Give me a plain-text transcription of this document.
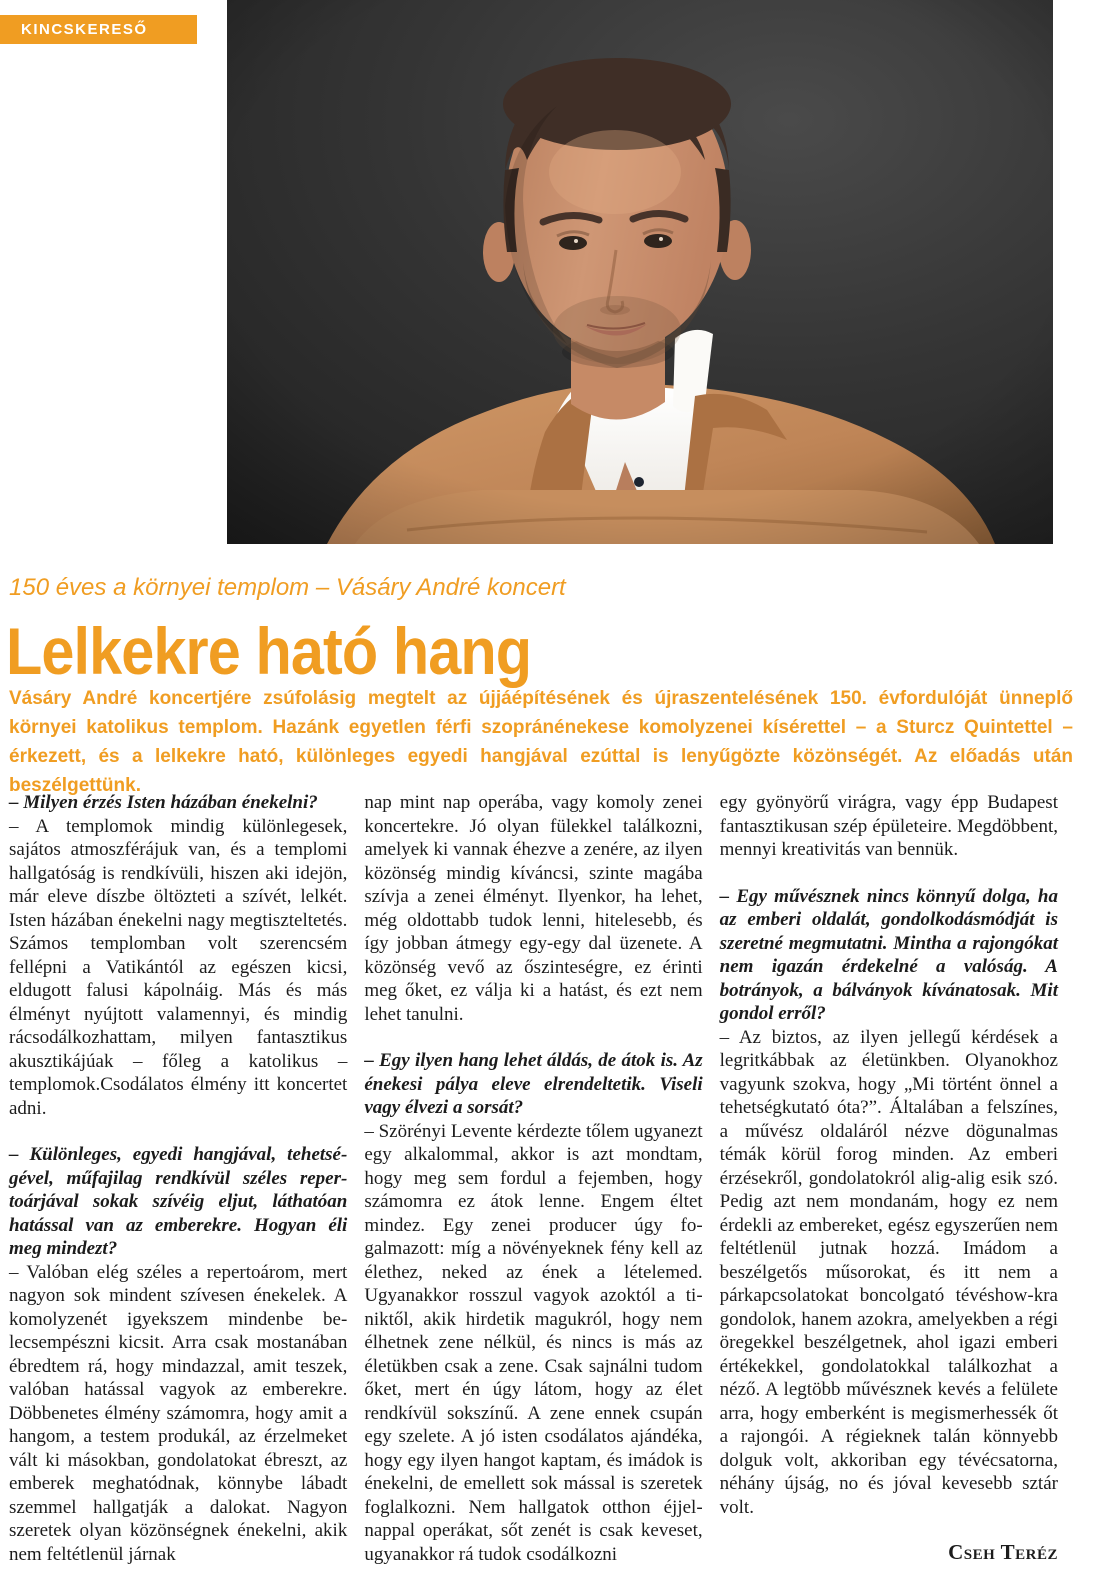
KINCSKERESŐ
150 éves a környei templom – Vásáry André koncert
Lelkekre ható hang

Vásáry André koncertjére zsúfolásig megtelt az újjáépítésének és újraszentelésének 150. évfordulóját ünneplő környei katolikus templom. Hazánk egyetlen férfi szopránénekese komolyzenei kísérettel – a Sturcz Quintettel – érkezett, és a lelkekre ható, különleges egyedi hangjával ezúttal is lenyűgözte közönségét. Az előadás után beszélgettünk.

– Milyen érzés Isten házában énekelni?

– A templomok mindig különlegesek, sajátos atmoszférájuk van, és a templomi hallgatóság is rendkívüli, hiszen aki idejön, már eleve díszbe öltözteti a szívét, lelkét. Isten házában énekelni nagy megtiszteltetés. Számos templomban volt szerencsém fellépni a Vatikántól az egészen kicsi, eldugott falusi kápolnáig. Más és más élményt nyújtott valamennyi, és mindig rácsodálkozhattam, milyen fantasztikus akusztikájúak – főleg a katolikus – templomok.Csodálatos élmény itt koncertet adni.

– Különleges, egyedi hangjával, tehetségével, műfajilag rendkívül széles repertoárjával sokak szívéig eljut, láthatóan hatással van az emberekre. Hogyan éli meg mindezt?

– Valóban elég széles a repertoárom, mert nagyon sok mindent szívesen énekelek. A komolyzenét igyekszem mindenbe belecsempészni kicsit. Arra csak mostanában ébredtem rá, hogy mindazzal, amit teszek, valóban hatással vagyok az emberekre. Döbbenetes élmény számomra, hogy amit a hangom, a testem produkál, az érzelmeket vált ki másokban, gondolatokat ébreszt, az emberek meghatódnak, könnybe lábadt szemmel hallgatják a dalokat. Nagyon szeretek olyan közönségnek énekelni, akik nem feltétlenül járnak

nap mint nap operába, vagy komoly zenei koncertekre. Jó olyan fülekkel találkozni, amelyek ki vannak éhezve a zenére, az ilyen közönség mindig kíváncsi, szinte magába szívja a zenei élményt. Ilyenkor, ha lehet, még oldottabb tudok lenni, hitelesebb, és így jobban átmegy egy-egy dal üzenete. A közönség vevő az őszinteségre, ez érinti meg őket, ez válja ki a hatást, és ezt nem lehet tanulni.

– Egy ilyen hang lehet áldás, de átok is. Az énekesi pálya eleve elrendeltetik. Viseli vagy élvezi a sorsát?

– Szörényi Levente kérdezte tőlem ugyanezt egy alkalommal, akkor is azt mondtam, hogy meg sem fordul a fejemben, hogy számomra ez átok lenne. Engem éltet mindez. Egy zenei producer úgy fogalmazott: míg a növényeknek fény kell az élethez, neked az ének a lételemed. Ugyanakkor rosszul vagyok azoktól a tiniktől, akik hirdetik magukról, hogy nem élhetnek zene nélkül, és nincs is más az életükben csak a zene. Csak sajnálni tudom őket, mert én úgy látom, hogy az élet rendkívül sokszínű. A zene ennek csupán egy szelete. A jó isten csodálatos ajándéka, hogy egy ilyen hangot kaptam, és imádok is énekelni, de emellett sok mással is szeretek foglalkozni. Nem hallgatok otthon éjjel-nappal operákat, sőt zenét is csak keveset, ugyanakkor rá tudok csodálkozni

egy gyönyörű virágra, vagy épp Budapest fantasztikusan szép épületeire. Megdöbbent, mennyi kreativitás van bennük.

– Egy művésznek nincs könnyű dolga, ha az emberi oldalát, gondolkodásmódját is szeretné megmutatni. Mintha a rajongókat nem igazán érdekelné a valóság. A botrányok, a bálványok kívánatosak. Mit gondol erről?

– Az biztos, az ilyen jellegű kérdések a legritkábbak az életünkben. Olyanokhoz vagyunk szokva, hogy „Mi történt önnel a tehetségkutató óta?”. Általában a felszínes, a művész oldaláról nézve dögunalmas témák körül forog minden. Az emberi érzésekről, gondolatokról alig-alig esik szó. Pedig azt nem mondanám, hogy ez nem érdekli az embereket, egész egyszerűen nem feltétlenül jutnak hozzá. Imádom a beszélgetős műsorokat, és itt nem a párkapcsolatokat boncolgató tévéshow-kra gondolok, hanem azokra, amelyekben a régi öregekkel beszélgetnek, ahol igazi emberi értékekkel, gondolatokkal találkozhat a néző. A legtöbb művésznek kevés a felülete arra, hogy emberként is megismerhessék őt a rajongói. A régieknek talán könnyebb dolguk volt, akkoriban egy tévécsatorna, néhány újság, no és jóval kevesebb sztár volt.

Cseh Teréz
